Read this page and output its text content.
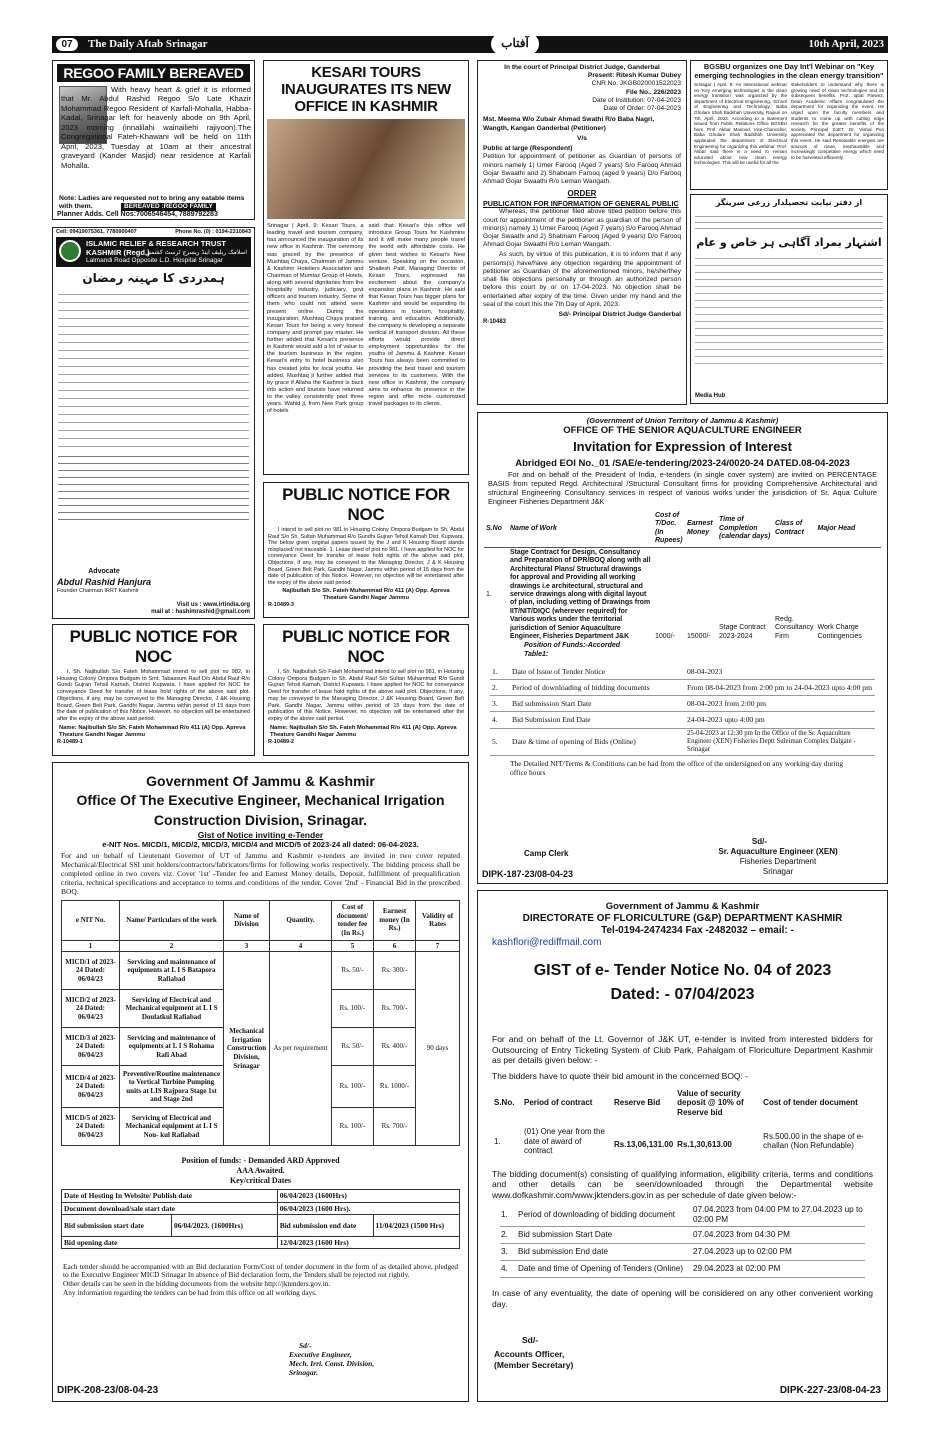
07	The Daily Aftab Srinagar	آفتاب	10th April, 2023
REGOO FAMILY BEREAVED
With heavy heart & grief it is informed that Mr. Abdul Rashid Regoo S/o Late Khazir Mohammad Regoo Resident of Karfali-Mohalla, Habba-Kadal, Srinagar left for heavenly abode on 9th April, 2023 morning (innalilahi wainailiehi rajiyoon).The Congregational Fateh-Khawani will be held on 11th April, 2023, Tuesday at 10am at their ancestral graveyard (Kander Masjid) near residence at Karfali Mohalla.
Note: Ladies are requested not to bring any eatable items with them.	BEREAVED :REGOO FAMILY
Planner Adds. Cell Nos:7006546454, 7889792283
Cell: 09419075361, 7780900407	Phone No. (0) : 0194-2310843
ISLAMIC RELIEF & RESEARCH TRUST KASHMIR (Regd.)
اسلامک ریلیف اینڈ ریسرچ ٹرسٹ کشمیر
Lalmandi Road Opposite L.D. Hospital Srinagar
ہمدردی کا مہینہ رمضان
Advocate
Abdul Rashid Hanjura
Founder Chairman IRRT Kashmir
Visit us : www.irtindia.org
mail at : hashimrashid@gmail.com
KESARI TOURS INAUGURATES ITS NEW OFFICE IN KASHMIR
Srinagar | April, 9: Kesari Tours, a leading travel and tourism company, has announced the inauguration of its new office in Kashmir. The ceremony was graced by the presence of Mushtaq Chaya, Chairman of Jammu & Kashmir Hoteliers Association and Chairman of Mumtaz Group of Hotels, along with several dignitaries from the hospitality industry, judiciary, govt officers and tourism industry. Some of them who could not attend were present online. During the inauguration, Mushtaq Chaya praised Kesari Tours for being a very honest company and prompt pay master. He further added that Kesari's presence in Kashmir would add a lot of value to the tourism business in the region. Kesari's entry to hotel business also has created jobs for local youths. He added, Mushtaq ji further added that by grace if Allaha the Kashmir is back into action and tourists have returned to the valley consistently past three years. Wahid ji, from New Park group of hotels
said that Kesari's this office will introduce Group Tours for Kashmiris and it will make many people travel the world with affordable costs. He given best wishes to Kesari's New venture. Speaking on the occasion, Shailesh Patil, Managing Director of Kesari Tours, expressed his excitement about the company's expansion plans in Kashmir. He said that Kesari Tours has bigger plans for Kashmir and would be expanding its operations in tourism, hospitality, training, and education. Additionally, the company is developing a separate vertical of transport division. All these efforts would provide direct employment opportunities for the youths of Jammu & Kashmir. Kesari Tours has always been committed to providing the best travel and tourism services to its customers. With the new office in Kashmir, the company aims to enhance its presence in the region and offer more customized travel packages to its clients.
In the court of Principal District Judge, Ganderbal
Present: Ritesh Kumar Dubey
CNR No. JKGB020001522023
File No.. 226/2023
Date of Institution: 07-04-2023
Date of Order: 07-04-2023
Mst. Meema W/o Zubair Ahmad Swathi R/o Baba Nagri, Wangth, Kangan Ganderbal (Petitioner)
V/s
Public at large (Respondent)
Petition for appointment of petitioner as Guardian of persons of minors namely 1) Umer Farooq (Aged 7 years) S/o Farooq Ahmad Gojar Swaathi and 2) Shabnam Farooq (aged 9 years) D/o Farooq Ahmad Gojar Swaathi R/o Leman Wangath.
ORDER
PUBLICATION FOR INFORMATION OF GENERAL PUBLIC
Whereas, the petitioner filed above titled petition before this court for appointment of the petitioner as guardian of the person of minor(s) namely 1) Umer Farooq (Aged 7 years) S/o Farooq Ahmad Gojar Swaathi and 2) Shabnam Farooq (Aged 9 years) D/o Farooq Ahmad Gojar Swaathi R/o Leman Wangath.
As such, by virtue of this publication, it is to inform that if any persons(s) have/have any objection regarding the appointment of petitioner as Guardian of the aforementioned minors, he/she/they shall file objections personally or through an authorized person before this court by or on 17-04-2023. No objection shall be entertained after expiry of the time. Given under my hand and the seal of the court this the 7th Day of April, 2023.
Sd/- Principal District Judge Ganderbal
R-10483
BGSBU organizes one Day Int'l Webinar on "Key emerging technologies in the clean energy transition"
Srinagar | April, 9: An international webinar on 'Key emerging technologies in the clean energy transition' was organized by the department of Electrical Engineering, School of Engineering and Technology, Baba Ghulam Shah Badshah University, Rajouri on 7th, April, 2023. According to a statement issued from Public Relations Office BGSBU here, Prof. Akbar Masood, Vice-Chancellor, Baba Ghulam Shah Badshah University applauded the department of Electrical Engineering for organizing this webinar. Prof. Akbar said there is a need to remain educated about new clean energy technologies. This will be useful for all the
stakeholders to understand why there is growing need of clean technologies and its subsequent benefits. Prof. Iqbal Parwez, Dean Academic Affairs congratulated the department for organizing the event. He urged upon the faculty members and students to come up with cutting edge research for the greater benefits of the society. Principal SoET, Dr. Vishal Puri appreciated the department for organizing this event. He said Renewable energies are sources of clean, inexhaustible and increasingly competitive energy which need to be harvested efficiently.
از دفتر نیابت تحصیلدار زرعی سرینگر
اشتہار بمراد آگاہی ہر خاص و عام
Media Hub
PUBLIC NOTICE FOR NOC
I intend to sell plot no 981 in Housing Colony Ompora Budgam to Sh. Abdul Rauf S/o Sh. Sultan Muhammad R/o Gundhi Gujran Tehsil Karnah Dist. Kupwara. The below given original papers issued by the J and K Housing Board stands misplaced/ not traceable. 1. Lease deed of plot no 981. I have applied for NOC for conveyance Deed for transfer of lease hold rights of the above said plot. Objections, if any, may be conveyed to the Managing Director, J & K Housing Board, Green Belt Park, Gandhi Nagar, Jammu within period of 15 days from the date of publication of this Notice. However, no objection will be entertained after the expiry of the above said period.
Najibullah S/o Sh. Fateh Muhammad R/o 411 (A) Opp. Apreva Theature Gandhi Nagar Jammu
R-10489-3
PUBLIC NOTICE FOR NOC
I, Sh. Najibullah S/o Fateh Mohammad intend to sell plot no 982, in Housing Colony Ompora Budgam to Smt. Tabassum Rauf D/o Abdul Rauf R/o Gundi Gujran Tehsil Karnah, District Kupwara. I have applied for NOC for conveyance Deed for transfer of lease hold rights of the above said plot. Objections, if any, may be conveyed to the Managing Director, J &K Housing Board, Green Belt Park, Gandhi Nagar, Jammu within period of 15 days from the date of publication of this Notice. However, no objection will be entertained after the expiry of the above said period.
Name: Najibullah S/o Sh. Fateh Mohammad R/o 411 (A) Opp. Apreva Theature Gandhi Nagar Jammu
R-10489-1
PUBLIC NOTICE FOR NOC
I, Sh. Najibullah S/o Fateh Mohammad intend to sell plot no 981, in Housing Colony Ompora Budgam to Sh. Abdul Rauf S/o Sultan Muhammad R/o Gundi Gujran Tehsil Karnah, District Kupwara. I have applied for NOC for conveyance Deed for transfer of lease hold rights of the above said plot. Objections, if any, may be conveyed to the Managing Director, J &K Housing Board, Green Belt Park, Gandhi Nagar, Jammu within period of 15 days from the date of publication of this Notice. However, no objection will be entertained after the expiry of the above said period.
Name: Najibullah S/o Sh. Fateh Mohammad R/o 411 (A) Opp. Apreva Theature Gandhi Nagar Jammu
R-10489-2
(Government of Union Territory of Jammu & Kashmir)
OFFICE OF THE SENIOR AQUACULTURE ENGINEER
Invitation for Expression of Interest
Abridged EOI No._01 /SAE/e-tendering/2023-24/0020-24 DATED.08-04-2023
For and on behalf of the President of India, e-tenders (in single cover system) are invited on PERCENTAGE BASIS from reputed Regd. Architectural /Structural Consultant firms for providing Comprehensive Architectural and structural Engineering Consultancy services in respect of various works under the jurisdiction of Sr. Aqua Culture Engineer Fisheries Department J&K
S.No	Name of Work	Cost of T/Doc. (In Rupees)	Earnest Money	Time of Completion (calendar days)	Class of Contract	Major Head
1.	Stage Contract for Design, Consultancy and Preparation of DPR/BOQ along with all Architectural Plans/ Structural drawings for approval and Providing all working drawings i.e architectural, structural and service drawings along with digital layout of plan, including vetting of Drawings from IIT/NIT/DIQC (wherever required) for Various works under the territorial jurisdiction of Senior Aquaculture Engineer, Fisheries Department J&K	1000/-	15000/-	Stage Contract 2023-2024	Redg. Consultancy Firm	Work Charge Contingencies
Position of Funds:-Accorded
Table1:
1.	Date of Issue of Tender Notice	08-04-2023
2.	Period of downloading of bidding documents	From 08-04-2023 from 2:00 pm to 24-04-2023 upto 4:00 pm
3.	Bid submission Start Date	08-04-2023 from 2:00 pm
4.	Bid Submission End Date	24-04-2023 upto 4:00 pm
5.	Date & time of opening of Bids (Online)	25-04-2023 at 12:30 pm In the Office of the Sr. Aquaculture Engineer (XEN) Fisheries Deptt Suleiman Complex Dalgate -Srinagar
The Detailed NIT/Terms & Conditions can be had from the office of the undersigned on any working day during office hours
Sd/-
Camp Clerk	Sr. Aquaculture Engineer (XEN)
Fisheries Department
Srinagar
DIPK-187-23/08-04-23
Government Of Jammu & Kashmir
Office Of The Executive Engineer, Mechanical Irrigation Construction Division, Srinagar.
Gist of Notice inviting e-Tender
e-NIT Nos. MICD/1, MICD/2, MICD/3, MICD/4 and MICD/5 of 2023-24 all dated: 06-04-2023.
For and on behalf of Lieutenant Governor of UT of Jammu and Kashmir e-tenders are invited in two cover reputed Mechanical/Electrical SSI unit holders/contractors/fabricators/firms for following works respectively. The bidding process shall be completed online in two covers viz. Cover '1st' -Tender fee and Earnest Money details, Deposit, fulfillment of prequalification criteria, technical specifications and acceptance to terms and conditions of the tender. Cover '2nd' - Financial Bid in the prescribed BOQ.
e NIT No.	Name/ Particulars of the work	Name of Division	Quantity.	Cost of document/ tender fee (In Rs.)	Earnest money (In Rs.)	Validity of Rates
1	2	3	4	5	6	7
MICD/1 of 2023-24 Dated: 06/04/23	Servicing and maintenance of equipments at L I S Batapora Rafiabad	Mechanical Irrigation Construction Division, Srinagar	As per requirement	Rs. 50/-	Rs. 300/-	90 days
MICD/2 of 2023-24 Dated: 06/04/23	Servicing of Electrical and Mechanical equipment at L I S Doulatkul Rafiabad			Rs. 100/-	Rs. 700/-	
MICD/3 of 2023-24 Dated: 06/04/23	Servicing and maintenance of equipments at L I S Rohama Rafi Abad			Rs. 50/-	Rs. 400/-	
MICD/4 of 2023-24 Dated: 06/04/23	Preventive/Routine maintenance to Vertical Turbine Pumping units at LIS Rajpora Stage 1st and Stage 2nd			Rs. 100/-	Rs. 1000/-	
MICD/5 of 2023-24 Dated: 06/04/23	Servicing of Electrical and Mechanical equipment at L I S Nou- kul Rafiabad			Rs. 100/-	Rs. 700/-	
Position of funds: - Demanded ARD Approved
AAA Awaited.
Key/critical Dates
Date of Hosting In Website/ Publish date		06/04/2023 (1600Hrs)	
Document download/sale start date		06/04/2023 (1600 Hrs).	
Bid submission start date	06/04/2023. (1600Hrs)	Bid submission end date	11/04/2023 (1500 Hrs)
Bid opening date		12/04/2023 (1600 Hrs)	
Each tender should be accompanied with an Bid declaration Form/Cost of tender document in the form of as detailed above, pledged to the Executive Engineer MICD Srinagar In absence of Bid declaration form, the Tenders shall be rejected out rightly.
Other details can be seen in the bidding documents from the website http://jktenders.gov.in.
Any information regarding the tenders can be had from this office on all working days.
Sd/-
Executive Engineer,
Mech. Irri. Const. Division,
Srinagar.
DIPK-208-23/08-04-23
Government of Jammu & Kashmir
DIRECTORATE OF FLORICULTURE (G&P) DEPARTMENT KASHMIR
Tel-0194-2474234 Fax -2482032 – email: -
kashflori@rediffmail.com
GIST of e- Tender Notice No. 04 of 2023
Dated: - 07/04/2023
For and on behalf of the Lt. Governor of J&K UT, e-tender is invited from interested bidders for Outsourcing of Entry Ticketing System of Club Park, Pahalgam of Floriculture Department Kashmir as per details given below: -
The bidders have to quote their bid amount in the concerned BOQ: -
S.No.	Period of contract	Reserve Bid	Value of security deposit @ 10% of Reserve bid	Cost of tender document
1.	(01) One year from the date of award of contract	Rs.13,06,131.00	Rs.1,30,613.00	Rs.500.00 in the shape of e-challan (Non Refundable)
The bidding document(s) consisting of qualifying information, eligibility criteria, terms and conditions and other details can be seen/downloaded through the Departmental website www.dofkashmir.com/www.jktenders.gov.in as per schedule of date given below:-
1.	Period of downloading of bidding document	07.04.2023 from 04:00 PM to 27.04.2023 up to 02:00 PM
2.	Bid submission Start Date	07.04.2023 from 04:30 PM
3.	Bid submission End date	27.04.2023 up to 02:00 PM
4.	Date and time of Opening of Tenders (Online)	29.04.2023 at 02:00 PM
In case of any eventuality, the date of opening will be considered on any other convenient working day.
Sd/-
Accounts Officer,
(Member Secretary)
DIPK-227-23/08-04-23
